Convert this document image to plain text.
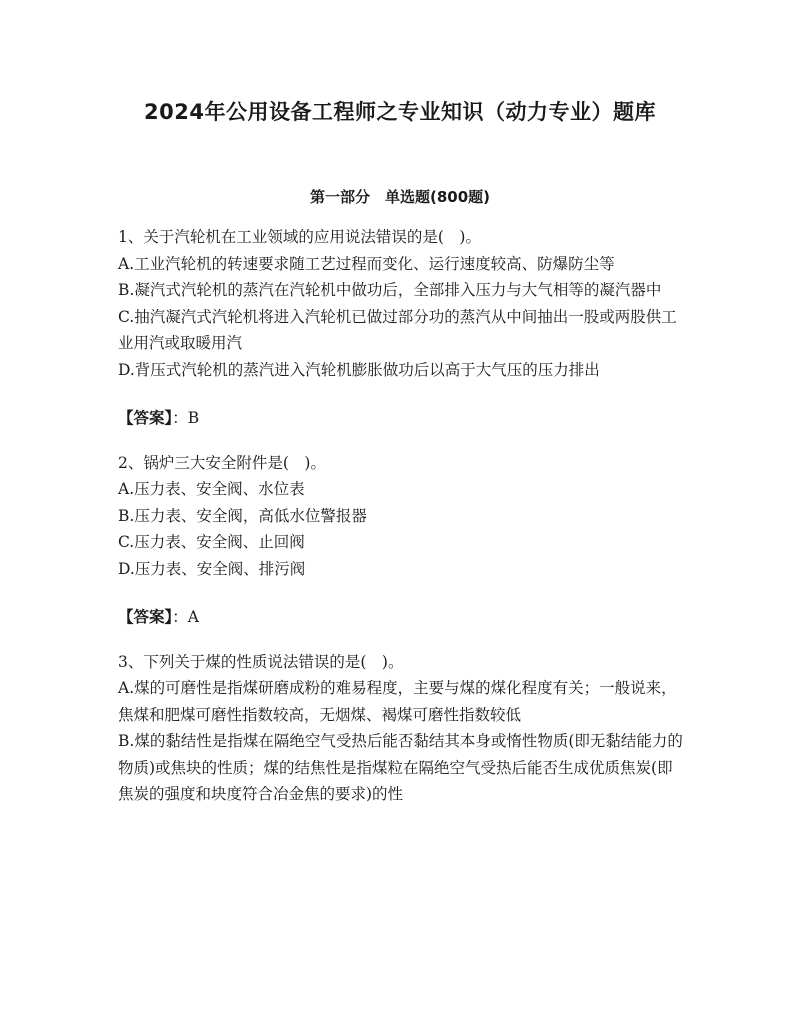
2024年公用设备工程师之专业知识（动力专业）题库
第一部分　单选题(800题)

1、关于汽轮机在工业领域的应用说法错误的是(　)。

A.工业汽轮机的转速要求随工艺过程而变化、运行速度较高、防爆防尘等

B.凝汽式汽轮机的蒸汽在汽轮机中做功后，全部排入压力与大气相等的凝汽器中

C.抽汽凝汽式汽轮机将进入汽轮机已做过部分功的蒸汽从中间抽出一股或两股供工业用汽或取暖用汽

D.背压式汽轮机的蒸汽进入汽轮机膨胀做功后以高于大气压的压力排出

【答案】：B

2、锅炉三大安全附件是(　)。

A.压力表、安全阀、水位表

B.压力表、安全阀，高低水位警报器

C.压力表、安全阀、止回阀

D.压力表、安全阀、排污阀

【答案】：A

3、下列关于煤的性质说法错误的是(　)。

A.煤的可磨性是指煤研磨成粉的难易程度，主要与煤的煤化程度有关；一般说来，焦煤和肥煤可磨性指数较高，无烟煤、褐煤可磨性指数较低

B.煤的黏结性是指煤在隔绝空气受热后能否黏结其本身或惰性物质(即无黏结能力的物质)或焦块的性质；煤的结焦性是指煤粒在隔绝空气受热后能否生成优质焦炭(即焦炭的强度和块度符合冶金焦的要求)的性
